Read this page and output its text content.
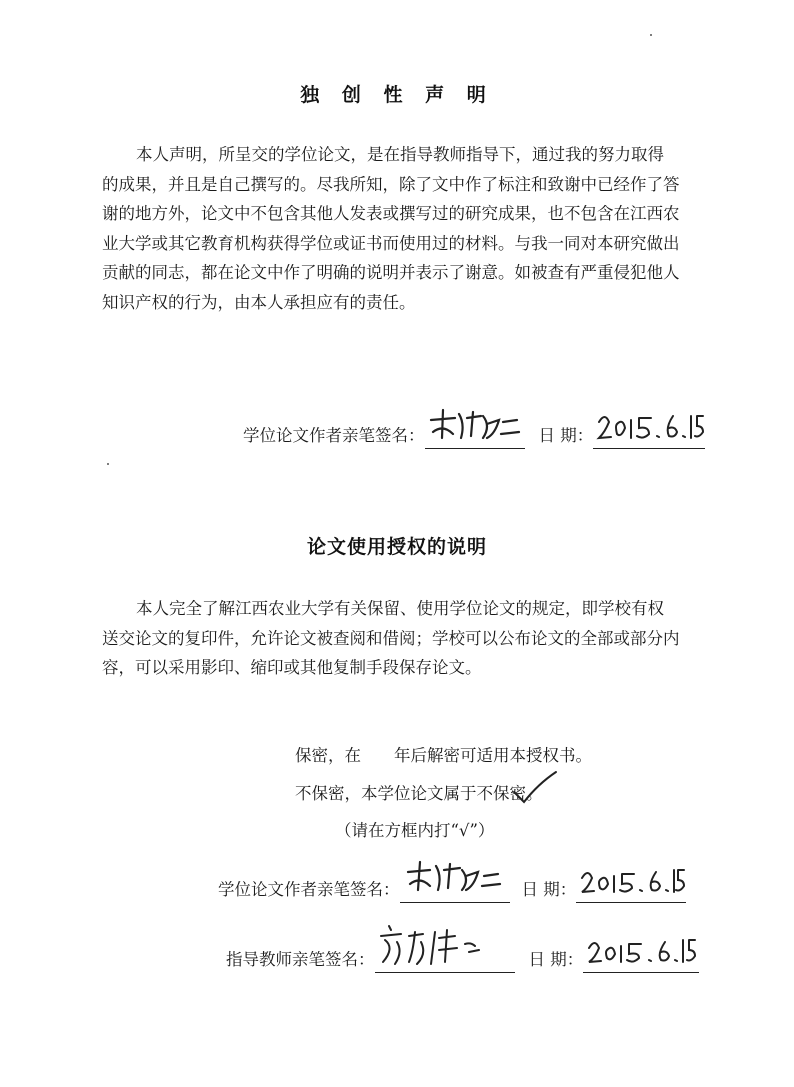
独 创 性 声 明
本人声明，所呈交的学位论文，是在指导教师指导下，通过我的努力取得
的成果，并且是自己撰写的。尽我所知，除了文中作了标注和致谢中已经作了答
谢的地方外，论文中不包含其他人发表或撰写过的研究成果，也不包含在江西农
业大学或其它教育机构获得学位或证书而使用过的材料。与我一同对本研究做出
贡献的同志，都在论文中作了明确的说明并表示了谢意。如被查有严重侵犯他人
知识产权的行为，由本人承担应有的责任。
学位论文作者亲笔签名：	日 期：
论文使用授权的说明
本人完全了解江西农业大学有关保留、使用学位论文的规定，即学校有权
送交论文的复印件，允许论文被查阅和借阅；学校可以公布论文的全部或部分内
容，可以采用影印、缩印或其他复制手段保存论文。
保密，在　　年后解密可适用本授权书。
不保密，本学位论文属于不保密。
（请在方框内打“√”）
学位论文作者亲笔签名：	日 期：
指导教师亲笔签名：	日 期：
